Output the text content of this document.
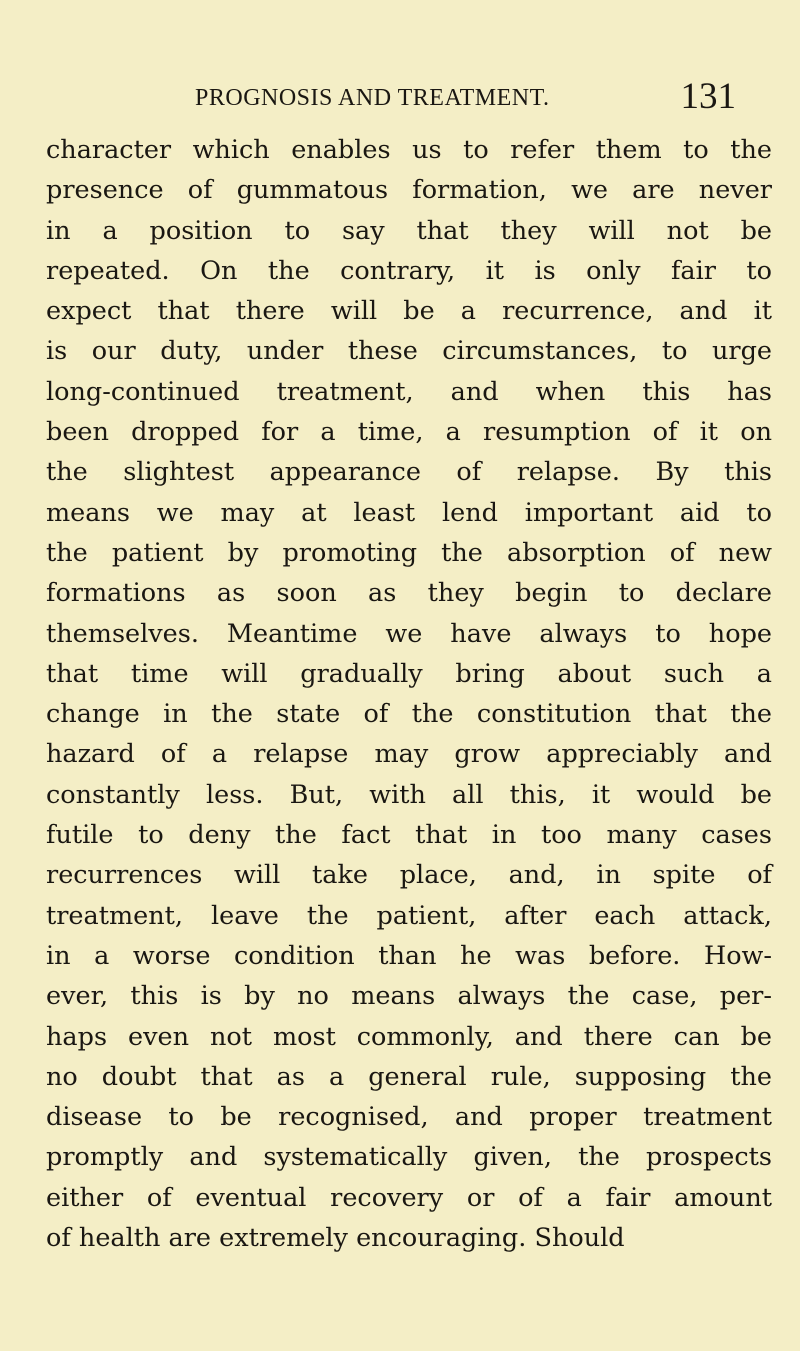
PROGNOSIS AND TREATMENT.	131
character which enables us to refer them to the
presence of gummatous formation, we are never
in a position to say that they will not be
repeated. On the contrary, it is only fair to
expect that there will be a recurrence, and it
is our duty, under these circumstances, to urge
long-continued treatment, and when this has
been dropped for a time, a resumption of it on
the slightest appearance of relapse. By this
means we may at least lend important aid to
the patient by promoting the absorption of new
formations as soon as they begin to declare
themselves. Meantime we have always to hope
that time will gradually bring about such a
change in the state of the constitution that the
hazard of a relapse may grow appreciably and
constantly less. But, with all this, it would be
futile to deny the fact that in too many cases
recurrences will take place, and, in spite of
treatment, leave the patient, after each attack,
in a worse condition than he was before. How-
ever, this is by no means always the case, per-
haps even not most commonly, and there can be
no doubt that as a general rule, supposing the
disease to be recognised, and proper treatment
promptly and systematically given, the prospects
either of eventual recovery or of a fair amount
of health are extremely encouraging. Should
